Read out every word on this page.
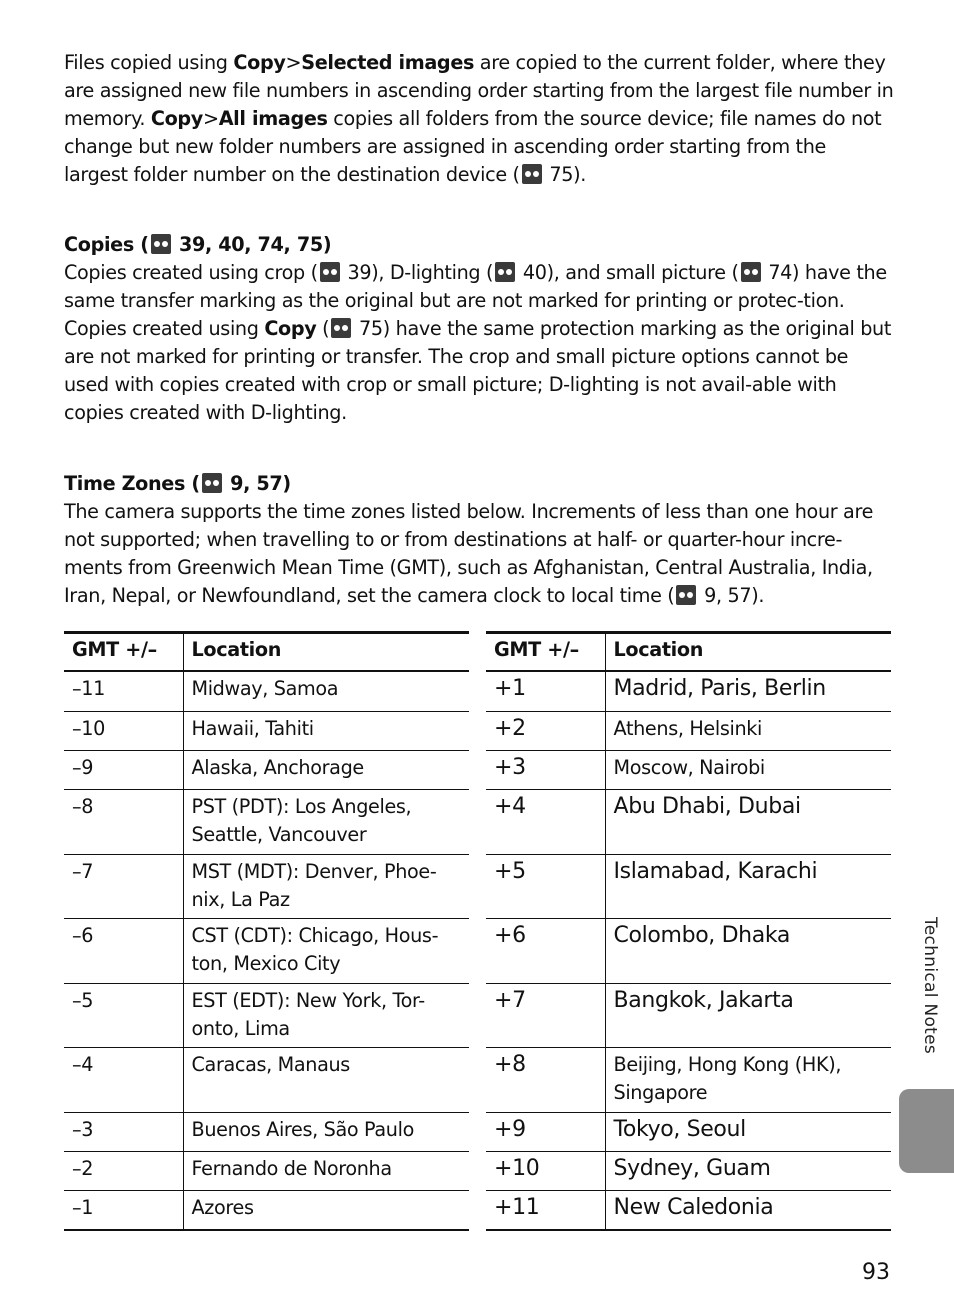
Files copied using Copy>Selected images are copied to the current folder, where they are assigned new file numbers in ascending order starting from the largest file number in memory. Copy>All images copies all folders from the source device; file names do not change but new folder numbers are assigned in ascending order starting from the largest folder number on the destination device ( 75).

Copies ( 39, 40, 74, 75)
Copies created using crop ( 39), D-lighting ( 40), and small picture ( 74) have the same transfer marking as the original but are not marked for printing or protec-tion. Copies created using Copy ( 75) have the same protection marking as the original but are not marked for printing or transfer. The crop and small picture options cannot be used with copies created with crop or small picture; D-lighting is not avail-able with copies created with D-lighting.

Time Zones ( 9, 57)
The camera supports the time zones listed below. Increments of less than one hour are not supported; when travelling to or from destinations at half- or quarter-hour incre-ments from Greenwich Mean Time (GMT), such as Afghanistan, Central Australia, India, Iran, Nepal, or Newfoundland, set the camera clock to local time ( 9, 57).

GMT +/–	Location
–11	Midway, Samoa
–10	Hawaii, Tahiti
–9	Alaska, Anchorage
–8	PST (PDT): Los Angeles, Seattle, Vancouver
–7	MST (MDT): Denver, Phoe-nix, La Paz
–6	CST (CDT): Chicago, Hous-ton, Mexico City
–5	EST (EDT): New York, Tor-onto, Lima
–4	Caracas, Manaus
–3	Buenos Aires, São Paulo
–2	Fernando de Noronha
–1	Azores
GMT +/–	Location
+1	Madrid, Paris, Berlin
+2	Athens, Helsinki
+3	Moscow, Nairobi
+4	Abu Dhabi, Dubai
+5	Islamabad, Karachi
+6	Colombo, Dhaka
+7	Bangkok, Jakarta
+8	Beijing, Hong Kong (HK), Singapore
+9	Tokyo, Seoul
+10	Sydney, Guam
+11	New Caledonia
Technical Notes
93
